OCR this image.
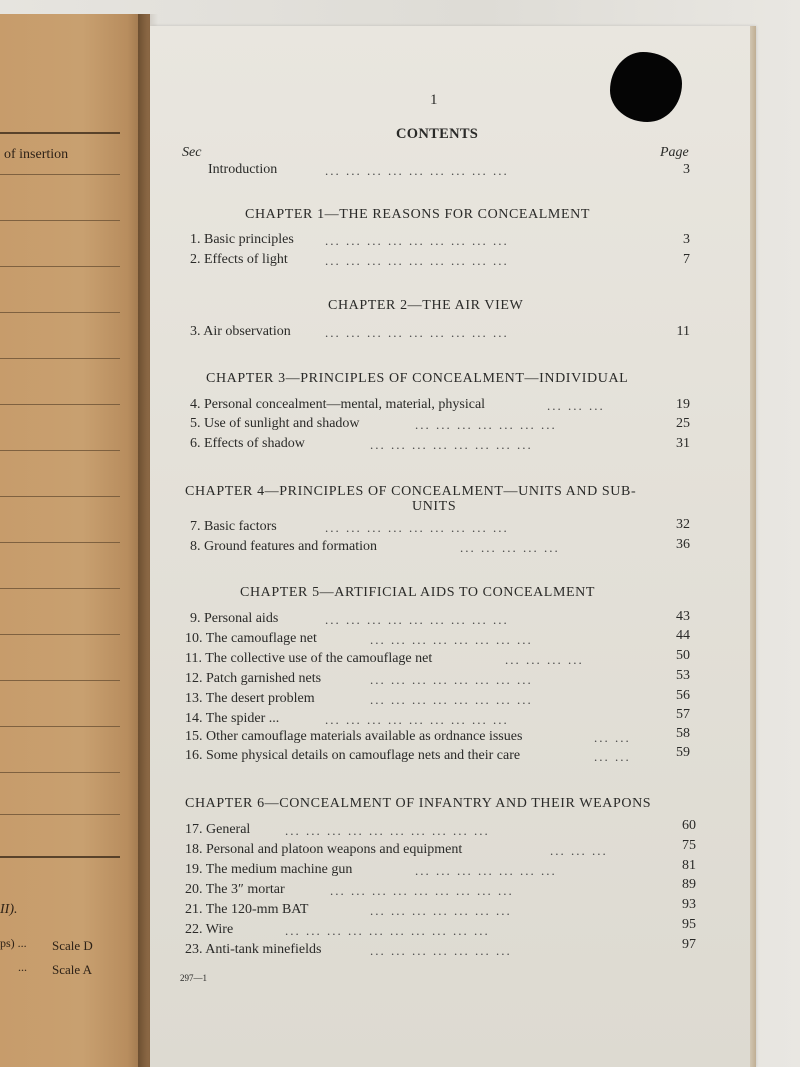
of insertion
II).
ps) ... Scale D
... Scale A
1
CONTENTS
Sec	Page
Introduction	... ... ... ... ... ... ... ... ...	3
CHAPTER 1—THE REASONS FOR CONCEALMENT
1. Basic principles ... ... ... ... ... ... ... ... ...	3
2. Effects of light	... ... ... ... ... ... ... ... ...	7
CHAPTER 2—THE AIR VIEW
3. Air observation	... ... ... ... ... ... ... ... ...	11
CHAPTER 3—PRINCIPLES OF CONCEALMENT—INDIVIDUAL
4. Personal concealment—mental, material, physical	... ... ...	19
5. Use of sunlight and shadow	... ... ... ... ... ... ...	25
6. Effects of shadow	... ... ... ... ... ... ... ...	31
CHAPTER 4—PRINCIPLES OF CONCEALMENT—UNITS AND SUB-
UNITS
7. Basic factors	... ... ... ... ... ... ... ... ...	32
8. Ground features and formation	... ... ... ... ...	36
CHAPTER 5—ARTIFICIAL AIDS TO CONCEALMENT
9. Personal aids	... ... ... ... ... ... ... ... ...	43
10. The camouflage net	... ... ... ... ... ... ... ...	44
11. The collective use of the camouflage net	... ... ... ...	50
12. Patch garnished nets	... ... ... ... ... ... ... ...	53
13. The desert problem	... ... ... ... ... ... ... ...	56
14. The spider ...	... ... ... ... ... ... ... ... ...	57
15. Other camouflage materials available as ordnance issues	... ...	58
16. Some physical details on camouflage nets and their care	... ...	59
CHAPTER 6—CONCEALMENT OF INFANTRY AND THEIR WEAPONS
17. General	... ... ... ... ... ... ... ... ... ...	60
18. Personal and platoon weapons and equipment	... ... ...	75
19. The medium machine gun	... ... ... ... ... ... ...	81
20. The 3″ mortar	... ... ... ... ... ... ... ... ...	89
21. The 120-mm BAT	... ... ... ... ... ... ...	93
22. Wire	... ... ... ... ... ... ... ... ... ...	95
23. Anti-tank minefields	... ... ... ... ... ... ...	97
297—1
